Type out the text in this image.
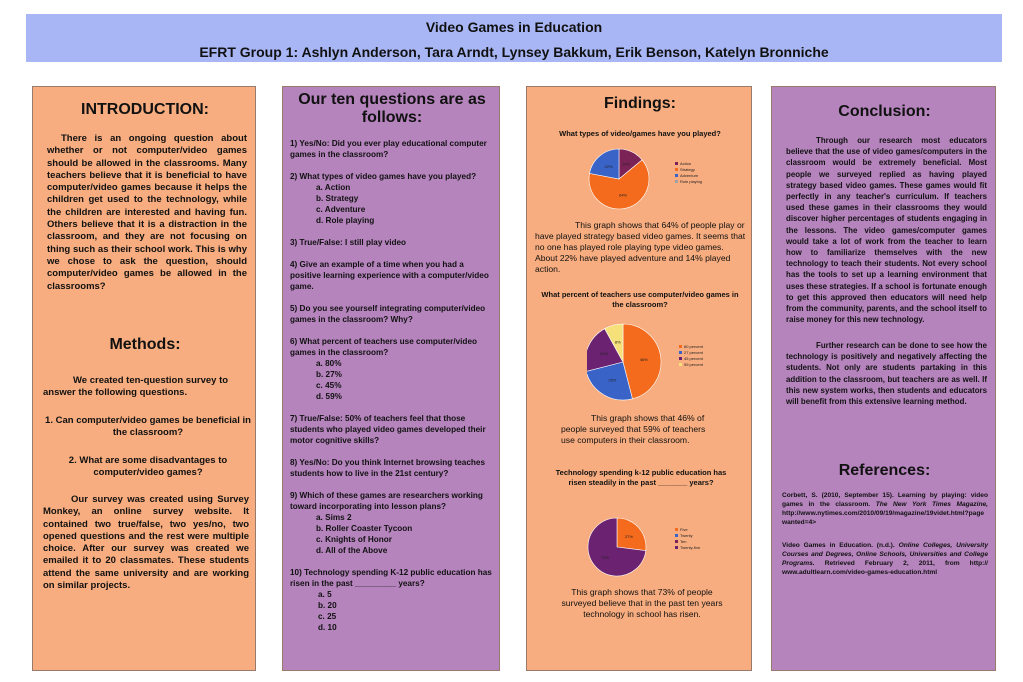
Video Games in Education
EFRT Group 1: Ashlyn Anderson, Tara Arndt, Lynsey Bakkum, Erik Benson, Katelyn Bronniche
INTRODUCTION:
There is an ongoing question about whether or not computer/video games should be allowed in the classrooms. Many teachers believe that it is beneficial to have computer/video games because it helps the children get used to the technology, while the children are interested and having fun. Others believe that it is a distraction in the classroom, and they are not focusing on thing such as their school work. This is why we chose to ask the question, should computer/video games be allowed in the classrooms?
Methods:
We created ten-question survey to answer the following questions.
1. Can computer/video games be beneficial in the classroom?
2. What are some disadvantages to computer/video games?
Our survey was created using Survey Monkey, an online survey website. It contained two true/false, two yes/no, two opened questions and the rest were multiple choice. After our survey was created we emailed it to 20 classmates. These students attend the same university and are working on similar projects.
Our ten questions are as follows:

1) Yes/No: Did you ever play educational computer games in the classroom?

2) What types of video games have you played?

a. Action

b. Strategy

c. Adventure

d. Role playing

3) True/False: I still play video

4) Give an example of a time when you had a positive learning experience with a computer/video game.

5) Do you see yourself integrating computer/video games in the classroom? Why?

6) What percent of teachers use computer/video games in the classroom?

a. 80%

b. 27%

c. 45%

d. 59%

7) True/False: 50% of teachers feel that those students who played video games developed their motor cognitive skills?

8) Yes/No: Do you think Internet browsing teaches students how to live in the 21st century?

9) Which of these games are researchers working toward incorporating into lesson plans?

a. Sims 2

b. Roller Coaster Tycoon

c. Knights of Honor

d. All of the Above

10) Technology spending K-12 public education has risen in the past _________ years?

a. 5

b. 20

c. 25

d. 10

Findings:
What types of video/games have you played?
14%
64%
22%
Action
Strategy
Adventure
Role playing
This graph shows that 64% of people play or have played strategy based video games. It seems that no one has played role playing type video games. About 22% have played adventure and 14% played action.
What percent of teachers use computer/video games in the classroom?
46%
25%
21%
8%
80 percent
27 percent
45 percent
59 percent
This graph shows that 46% of people surveyed that 59% of teachers use computers in their classroom.
Technology spending k-12 public education has risen steadily in the past _______ years?
27%
73%
Five
Twenty
Ten
Twenty-five
This graph shows that 73% of people surveyed believe that in the past ten years technology in school has risen.
Conclusion:
Through our research most educators believe that the use of video games/computers in the classroom would be extremely beneficial. Most people we surveyed replied as having played strategy based video games. These games would fit perfectly in any teacher's curriculum. If teachers used these games in their classrooms they would discover higher percentages of students engaging in the lessons. The video games/computer games would take a lot of work from the teacher to learn how to familiarize themselves with the new technology to teach their students. Not every school has the tools to set up a learning environment that uses these strategies. If a school is fortunate enough to get this approved then educators will need help from the community, parents, and the school itself to raise money for this new technology.
Further research can be done to see how the technology is positively and negatively affecting the students. Not only are students partaking in this addition to the classroom, but teachers are as well. If this new system works, then students and educators will benefit from this extensive learning method.
References:
Corbett, S. (2010, September 15). Learning by playing: video games in the classroom. The New York Times Magazine, http://www.nytimes.com/2010/09/19/magazine/19videt.html?page wanted=4>
Video Games in Education. (n.d.). Online Colleges, University Courses and Degrees, Online Schools, Universities and College Programs. Retrieved February 2, 2011, from http:// www.adultlearn.com/video-games-education.html
